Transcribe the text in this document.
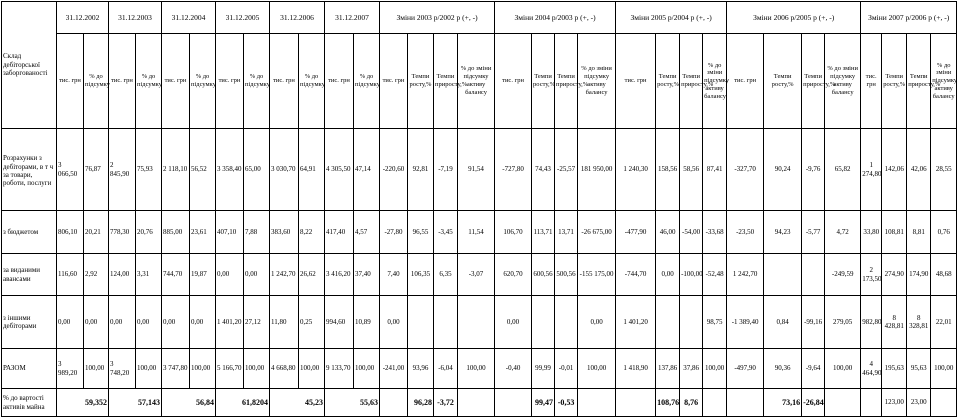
Склад дебіторської заборгованості	31.12.2002		31.12.2003		31.12.2004		31.12.2005		31.12.2006		31.12.2007		Зміни 2003 р/2002 р (+, -)				Зміни 2004 р/2003 р (+, -)				Зміни 2005 р/2004 р (+, -)				Зміни 2006 р/2005 р (+, -)				Зміни 2007 р/2006 р (+, -)			
	тис. грн	% до підсумку	тис. грн	% до підсумку	тис. грн	% до підсумку	тис. грн	% до підсумку	тис. грн	% до підсумку	тис. грн	% до підсумку	тис. грн	Темпи росту,%	Темпи приросту,%	% до зміни підсумку активу балансу	тис. грн	Темпи росту,%	Темпи приросту,%	% до зміни підсумку активу балансу	тис. грн	Темпи росту,%	Темпи приросту,%	% до зміни підсумку активу балансу	тис. грн	Темпи росту,%	Темпи приросту,%	% до зміни підсумку активу балансу	тис. грн	Темпи росту,%	Темпи приросту,%	% до зміни підсумку активу балансу
Розрахунки з дебіторами, в т ч за товари, роботи, послуги	3 066,50	76,87	2 845,90	75,93	2 118,10	56,52	3 358,40	65,00	3 030,70	64,91	4 305,50	47,14	-220,60	92,81	-7,19	91,54	-727,80	74,43	-25,57	181 950,00	1 240,30	158,56	58,56	87,41	-327,70	90,24	-9,76	65,82	1 274,80	142,06	42,06	28,55
з бюджетом	806,10	20,21	778,30	20,76	885,00	23,61	407,10	7,88	383,60	8,22	417,40	4,57	-27,80	96,55	-3,45	11,54	106,70	113,71	13,71	-26 675,00	-477,90	46,00	-54,00	-33,68	-23,50	94,23	-5,77	4,72	33,80	108,81	8,81	0,76
за виданими авансами	116,60	2,92	124,00	3,31	744,70	19,87	0,00	0,00	1 242,70	26,62	3 416,20	37,40	7,40	106,35	6,35	-3,07	620,70	600,56	500,56	-155 175,00	-744,70	0,00	-100,00	-52,48	1 242,70			-249,59	2 173,50	274,90	174,90	48,68
з іншими дебіторами	0,00	0,00	0,00	0,00	0,00	0,00	1 401,20	27,12	11,80	0,25	994,60	10,89	0,00				0,00			0,00	1 401,20			98,75	-1 389,40	0,84	-99,16	279,05	982,80	8 428,81	8 328,81	22,01
РАЗОМ	3 989,20	100,00	3 748,20	100,00	3 747,80	100,00	5 166,70	100,00	4 668,80	100,00	9 133,70	100,00	-241,00	93,96	-6,04	100,00	-0,40	99,99	-0,01	100,00	1 418,90	137,86	37,86	100,00	-497,90	90,36	-9,64	100,00	4 464,90	195,63	95,63	100,00
% до вартості активів майна	59,352		57,143		56,84		61,8204		45,23		55,63			96,28	-3,72			99,47	-0,53			108,76	8,76			73,16	-26,84			123,00	23,00	
